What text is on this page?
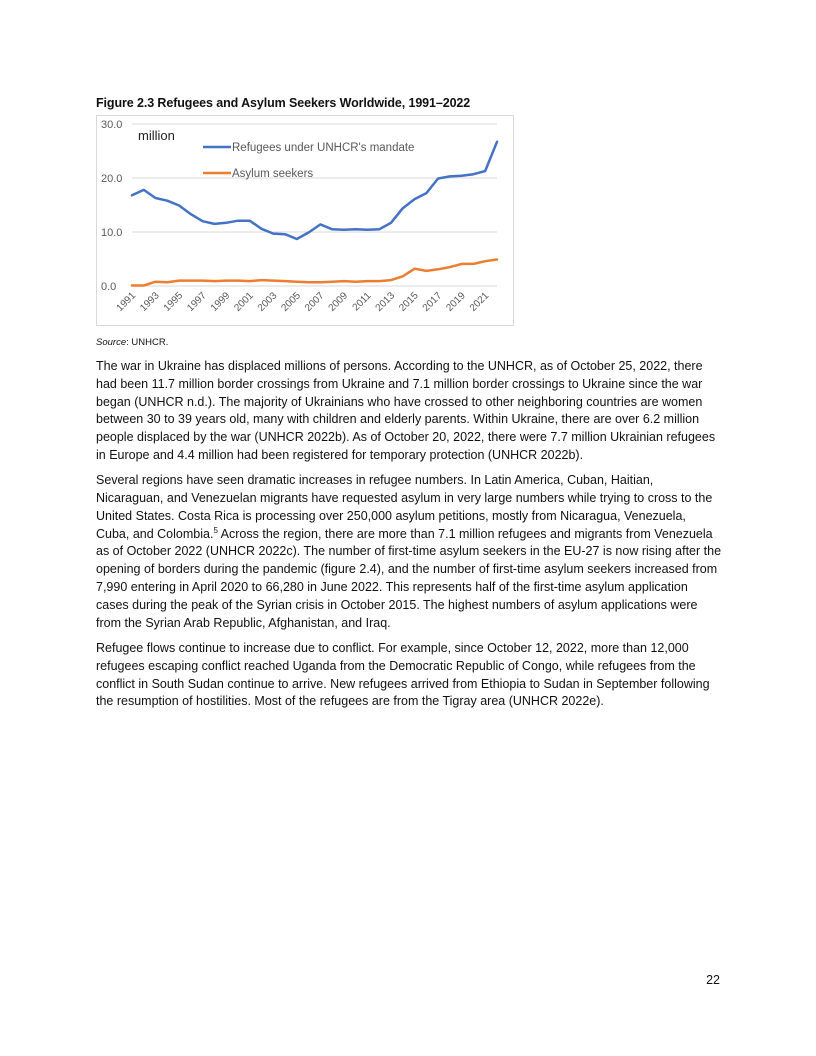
Figure 2.3 Refugees and Asylum Seekers Worldwide, 1991–2022
0.0
10.0
20.0
30.0
million
1991 1993 1995 1997 1999 2001 2003 2005 2007 2009 2011 2013 2015 2017 2019 2021
Refugees under UNHCR's mandate
Asylum seekers
Source: UNHCR.

The war in Ukraine has displaced millions of persons. According to the UNHCR, as of October 25, 2022, there had been 11.7 million border crossings from Ukraine and 7.1 million border crossings to Ukraine since the war began (UNHCR n.d.). The majority of Ukrainians who have crossed to other neighboring countries are women between 30 to 39 years old, many with children and elderly parents. Within Ukraine, there are over 6.2 million people displaced by the war (UNHCR 2022b). As of October 20, 2022, there were 7.7 million Ukrainian refugees in Europe and 4.4 million had been registered for temporary protection (UNHCR 2022b).

Several regions have seen dramatic increases in refugee numbers. In Latin America, Cuban, Haitian, Nicaraguan, and Venezuelan migrants have requested asylum in very large numbers while trying to cross to the United States. Costa Rica is processing over 250,000 asylum petitions, mostly from Nicaragua, Venezuela, Cuba, and Colombia.$^5$ Across the region, there are more than 7.1 million refugees and migrants from Venezuela as of October 2022 (UNHCR 2022c). The number of first-time asylum seekers in the EU-27 is now rising after the opening of borders during the pandemic (figure 2.4), and the number of first-time asylum seekers increased from 7,990 entering in April 2020 to 66,280 in June 2022. This represents half of the first-time asylum application cases during the peak of the Syrian crisis in October 2015. The highest numbers of asylum applications were from the Syrian Arab Republic, Afghanistan, and Iraq.

Refugee flows continue to increase due to conflict. For example, since October 12, 2022, more than 12,000 refugees escaping conflict reached Uganda from the Democratic Republic of Congo, while refugees from the conflict in South Sudan continue to arrive. New refugees arrived from Ethiopia to Sudan in September following the resumption of hostilities. Most of the refugees are from the Tigray area (UNHCR 2022e).

22
